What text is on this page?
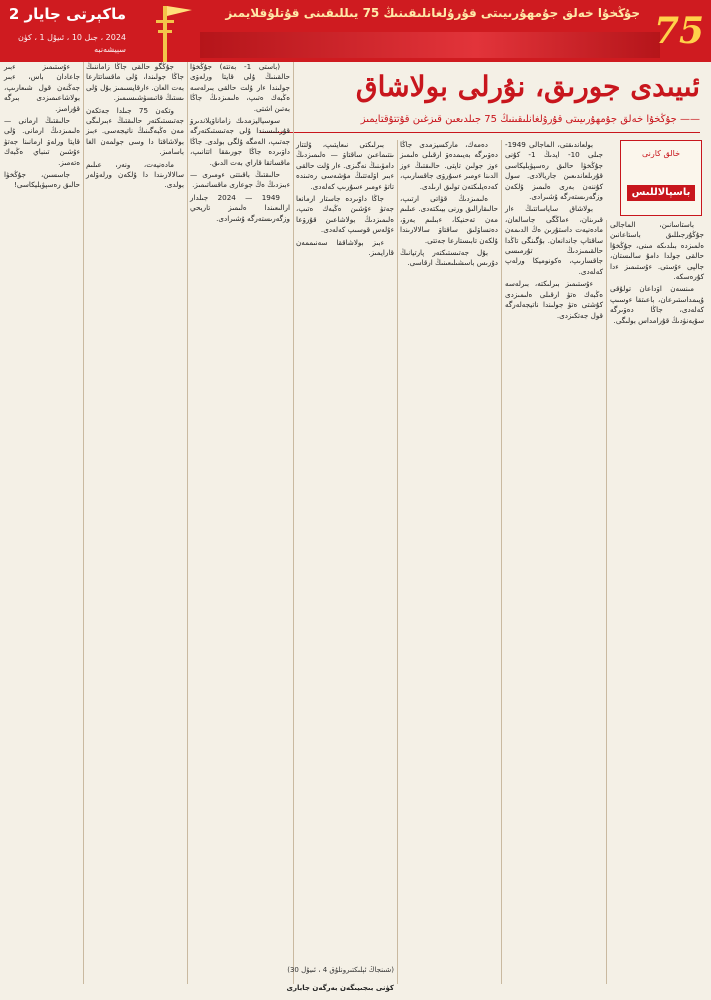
ماكېرتى جايار 2
2024 ، جىل 10 ، ئىيۇل 1 ، كۈن سېيشەنبە
جۇڭخۇا خەلق جۇمھۇرىيىتى قۇرۇلغانلىقىنىڭ 75 يىللىقىنى قۇتلۇقلايمىز 75
ئىيىدى جورىق، نۇرلى بولاشاق
—— جۇڭخۇا خەلق جۇمھۇرىيىتى قۇرۇلغانلىقىنىڭ 75 جىلدىعىن قىزغىن قۇتتۇقتايمىز
خالق كارنى
باسپالاللىس

باستاسانىن، الماجالى جۇڭۇرجىللىق باستاعانىن ەلمىزدە بىلدىكە مىنى، جۇڭخۇا حالقى جولدا دامۇ سالىستان، جالپى ءۇستى. ءۇستىمىز ءدا كۇرەسكە.

مىنسەن اۋداعان تولۇقى ۇيىمداستىرعان، باعىتقا ءوسىپ كەلەدى، جاڭا دەۋىرگە سۇيەنۋدىڭ قۇرامداس بولىگى.

بولعاندىقتى، الماجالى 1949- جىلى 10- ايدىڭ 1- كۇنى جۇڭخۋا حالىق رەسپۋبليكاسى قۇرىلعاندىعىن جاريالادى. سول كۇننەن بەرى ەلىمىز ۇلكەن وزگەرىستەرگە ۇشىرادى.

بولاشاق ساياساتتىڭ ءار قىرىنان، ءماڭگى جاسالعان، مادەنيەت داستۇرىن ەڭ الدىمەن ساقتاپ جاندانعان. بۇگىنگى تاڭدا حالقىمىزدىڭ تۇرمىسى جاقسارىپ، ەكونوميكا ورلەپ كەلەدى.

ءۇستىمىز بىرلىكتە، بىرلەسە ەڭبەك ەتۋ ارقىلى ەلىمىزدى كۇشتى ەتۋ جولىندا ناتيجەلەرگە قول جەتكىزدى.

دەمەك، ماركسيزمدى جاڭا دەۋىرگە بەيىمدەۋ ارقىلى ەلىمىز ءوز جولىن تاپتى. حالىقتىڭ ءوز الدىنا ءومىر ءسۇرۋى جاقسارىپ، كەدەيلىكتەن تولىق ارىلدى.

ەلىمىزدىڭ قۋاتى ارتىپ، حالىقارالىق ورنى بيىكتەدى. عىلىم مەن تەحنيكا، ءبىلىم بەرۋ، دەنساۋلىق ساقتاۋ سالالارىندا ۇلكەن تابىستارعا جەتتى.

بۇل جەتىستىكتەر پارتيانىڭ دۇرىس باسشىلىعىنىڭ ارقاسى.

بىرلىكتى نىعايتىپ، ۇلتتار ىنتىماعىن ساقتاۋ — ەلىمىزدىڭ دامۋىنىڭ نەگىزى. ءار ۇلت حالقى ءبىر اۋلەتتىڭ مۇشەسى رەتىندە تاتۋ ءومىر ءسۇرىپ كەلەدى.

جاڭا داۋىردە جاستار ارمانعا جەتۋ ءۇشىن ەڭبەك ەتىپ، ەلىمىزدىڭ بولاشاعىن قۇرۋعا ءۇلەس قوسىپ كەلەدى.

ءبىز بولاشاققا سەنىممەن قارايمىز.

(باستى 1- بەتتە) جۇڭخۋا حالقىنىڭ ۇلى قايتا ورلەۋى جولىندا ءار ۇلت حالقى بىرلەسە ەڭبەك ەتىپ، ەلىمىزدىڭ جاڭا بەتىن اشتى.

سوسياليزمدىك زاماناۋيلاندىرۋ قۇرىلىسىندا ۇلى جەتىستىكتەرگە جەتىپ، الەمگە ۇلگى بولدى. جاڭا داۋىردە جاڭا جورىققا اتتانىپ، ماقساتقا قاراي بەت الدىق.

حالىقتىڭ باقىتتى ءومىرى — ءبىزدىڭ ەڭ جوعارى ماقساتىمىز.

1949 — 2024 جىلدار ارالىعىندا ەلىمىز تاريحي وزگەرىستەرگە ۇشىرادى.

جۇڭگو حالقى جاڭا زاماننىڭ جاڭا جولىندا، ۇلى ماقساتتارعا بەت العان. ءارقايسىمىز بۇل ۇلى ىستىڭ قاتىسۋشىسىمىز.

وتكەن 75 جىلدا جەتكەن جەتىستىكتەر حالىقتىڭ ءبىرلىگى مەن ەڭبەگىنىڭ ناتيجەسى. ءبىز بولاشاقتا دا وسى جولمەن الغا باسامىز.

مادەنيەت، ونەر، عىلىم سالالارىندا دا ۇلكەن ورلەۋلەر بولدى.

ءۇستىمىز ءبىر جاعادان باس، ءبىر جەڭنەن قول شىعارىپ، بولاشاعىمىزدى بىرگە قۇرامىز.

حالىقتىڭ ارمانى — ەلىمىزدىڭ ارمانى. ۇلى قايتا ورلەۋ ارمانىنا جەتۋ ءۇشىن تىنباي ەڭبەك ەتەمىز.

جاسسىن، جۇڭخۋا حالىق رەسپۋبليكاسى!

(شىنجاڭ ئېلىكتىرونلۇق 4 ، ئىيۇل 30)
كۈنى بىجىيىگەن بەرگەن جابارى
